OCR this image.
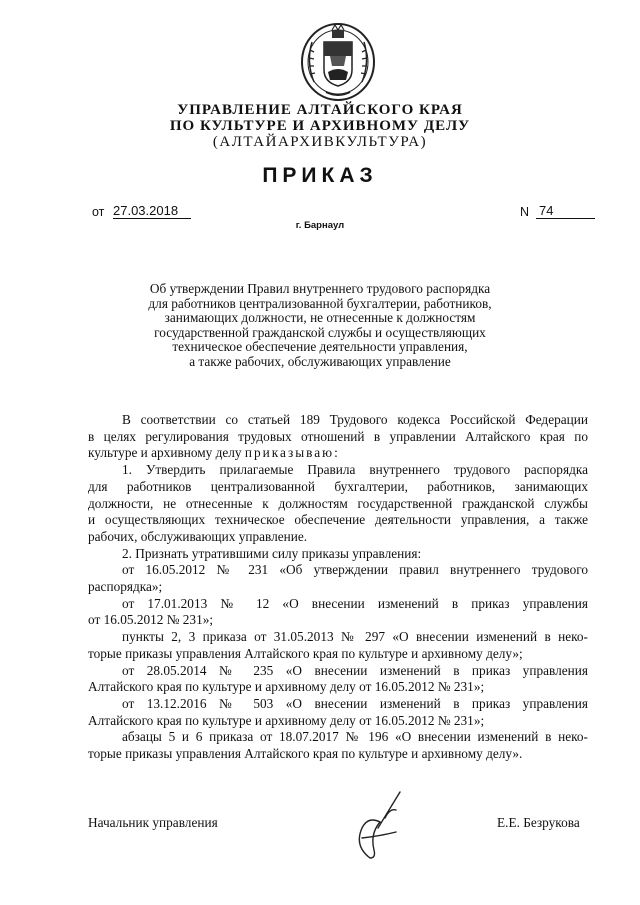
УПРАВЛЕНИЕ АЛТАЙСКОГО КРАЯ
ПО КУЛЬТУРЕ И АРХИВНОМУ ДЕЛУ
(АЛТАЙАРХИВКУЛЬТУРА)
ПРИКАЗ
от 27.03.2018	N 74
г. Барнаул
Об утверждении Правил внутреннего трудового распорядка
для работников централизованной бухгалтерии, работников,
занимающих должности, не отнесенные к должностям
государственной гражданской службы и осуществляющих
техническое обеспечение деятельности управления,
а также рабочих, обслуживающих управление
В соответствии со статьей 189 Трудового кодекса Российской Федерации
в целях регулирования трудовых отношений в управлении Алтайского края по
культуре и архивному делу приказываю:
1. Утвердить прилагаемые Правила внутреннего трудового распорядка
для работников централизованной бухгалтерии, работников, занимающих
должности, не отнесенные к должностям государственной гражданской службы
и осуществляющих техническое обеспечение деятельности управления, а также
рабочих, обслуживающих управление.
2. Признать утратившими силу приказы управления:
от 16.05.2012 № 231 «Об утверждении правил внутреннего трудового
распорядка»;
от 17.01.2013 № 12 «О внесении изменений в приказ управления
от 16.05.2012 № 231»;
пункты 2, 3 приказа от 31.05.2013 № 297 «О внесении изменений в неко-
торые приказы управления Алтайского края по культуре и архивному делу»;
от 28.05.2014 № 235 «О внесении изменений в приказ управления
Алтайского края по культуре и архивному делу от 16.05.2012 № 231»;
от 13.12.2016 № 503 «О внесении изменений в приказ управления
Алтайского края по культуре и архивному делу от 16.05.2012 № 231»;
абзацы 5 и 6 приказа от 18.07.2017 № 196 «О внесении изменений в неко-
торые приказы управления Алтайского края по культуре и архивному делу».
Начальник управления	Е.Е. Безрукова
